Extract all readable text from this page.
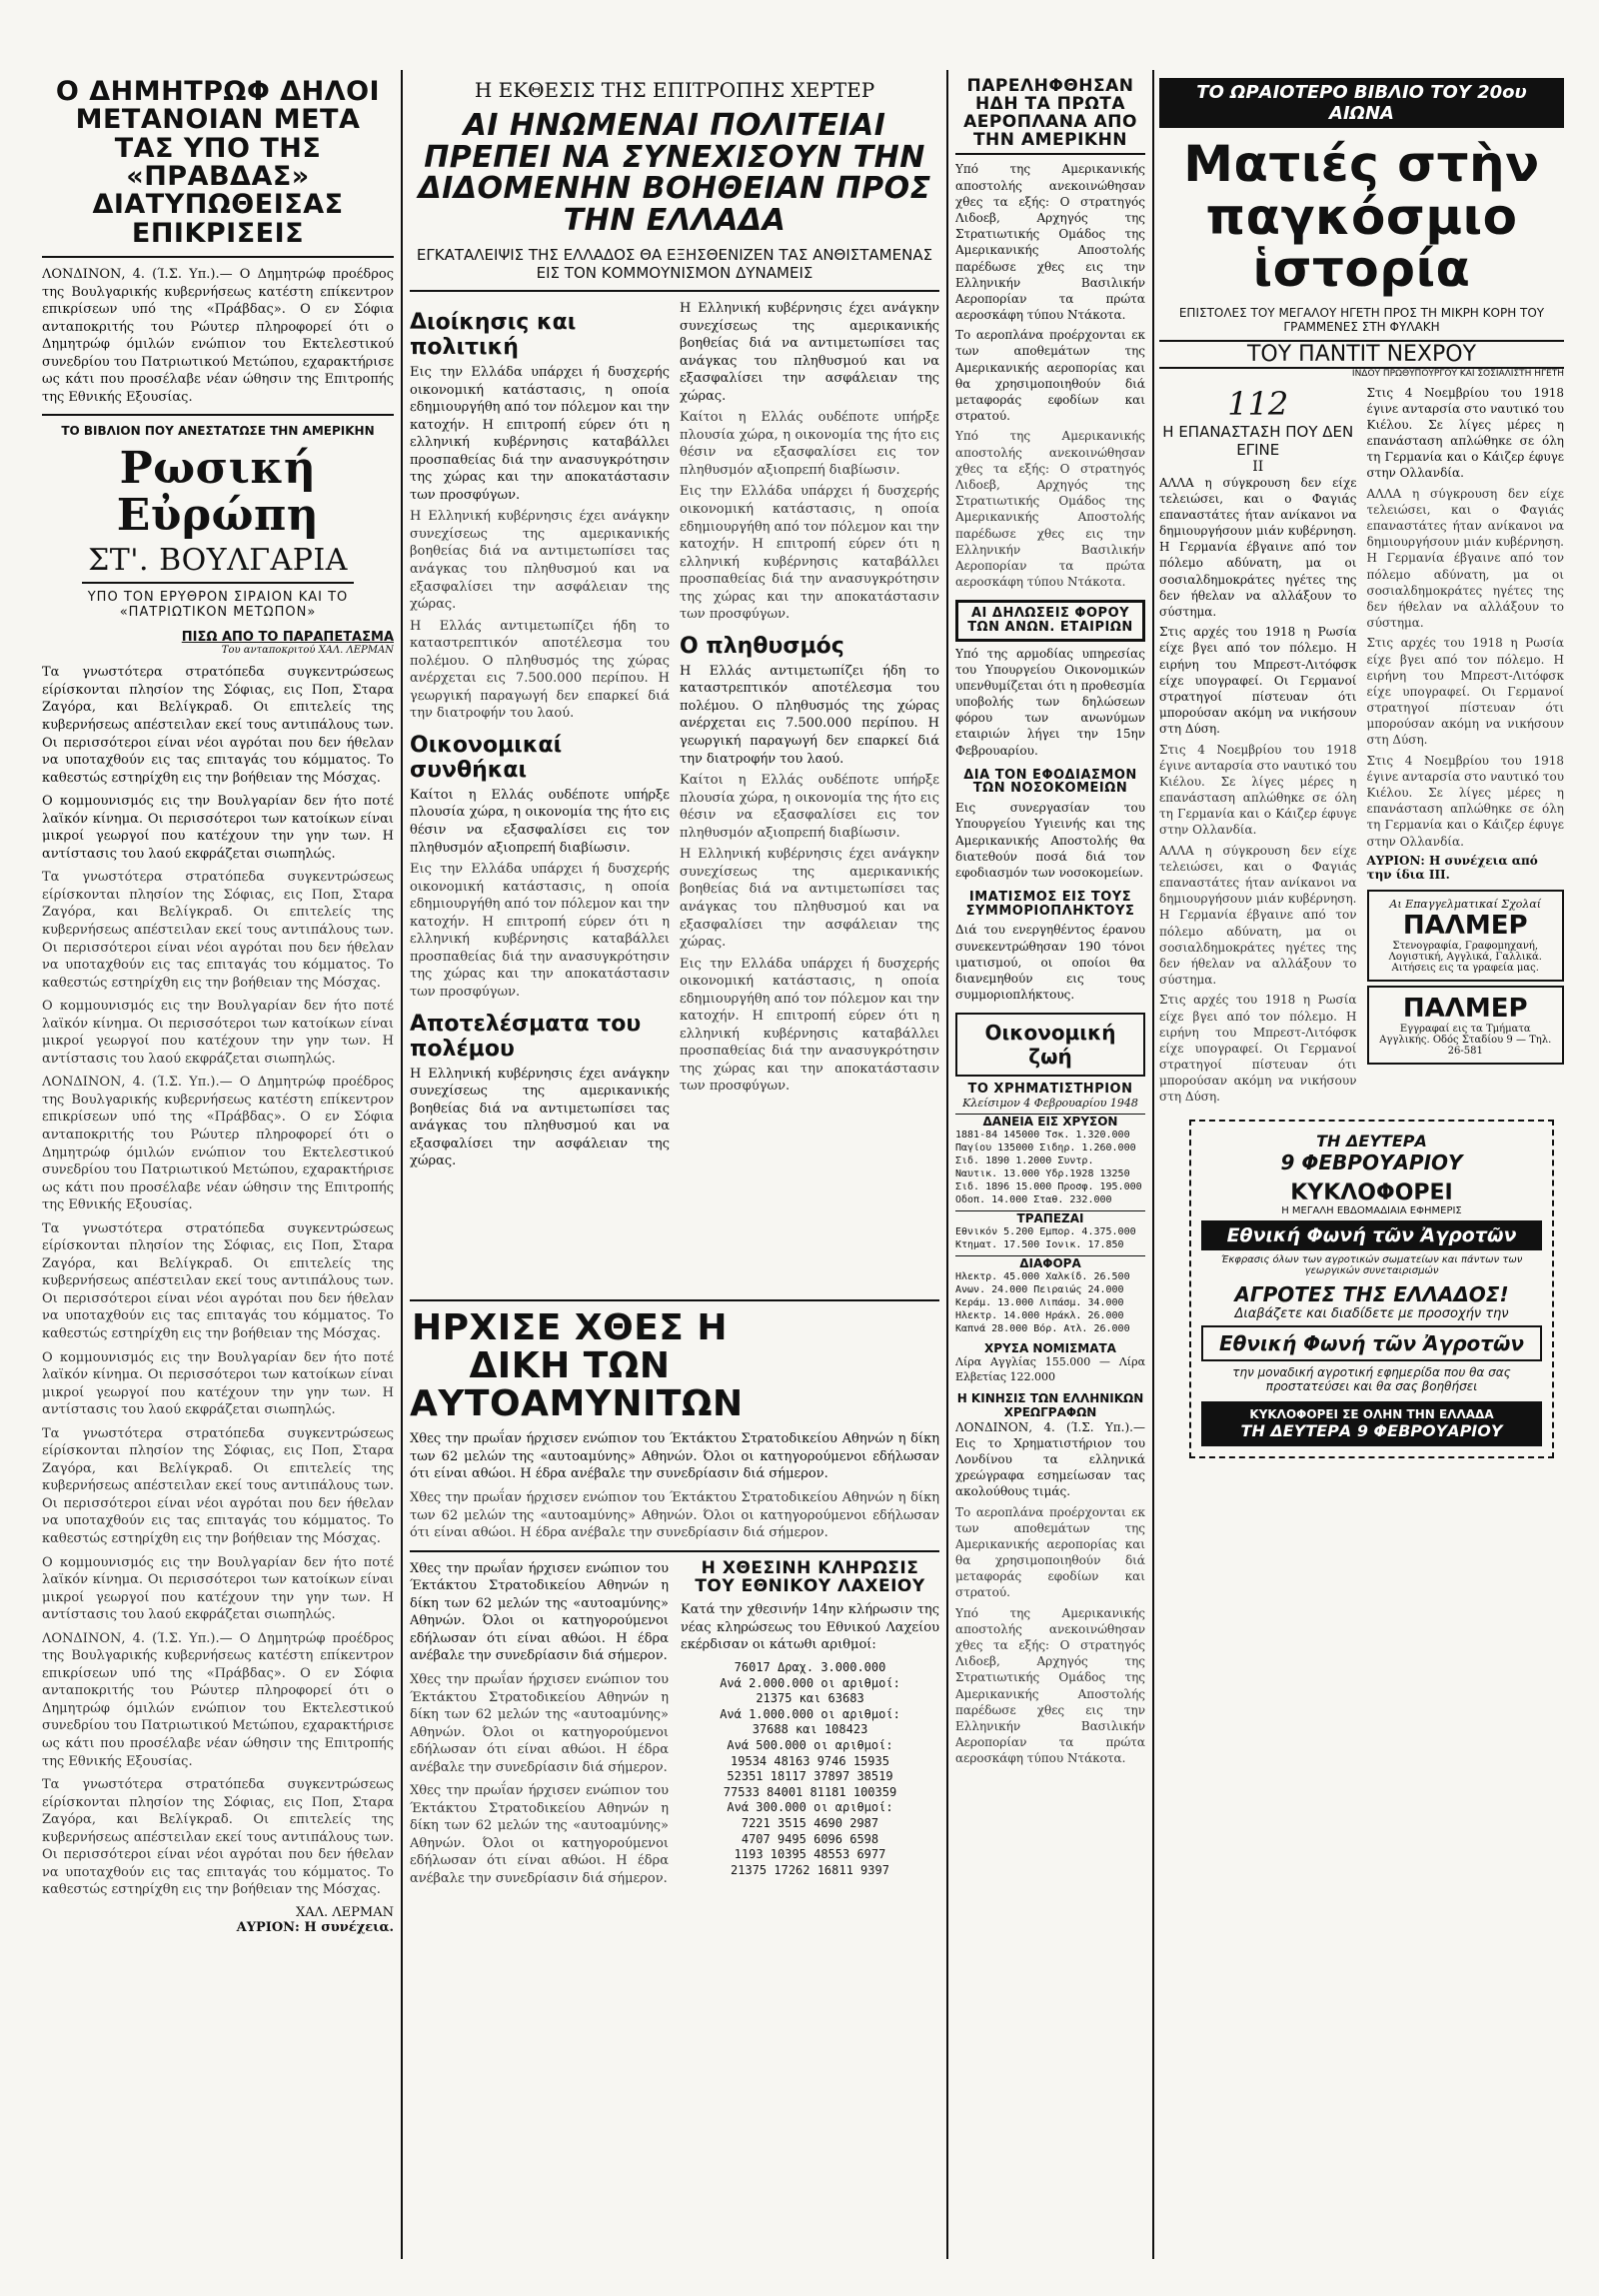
Ο ΔΗΜΗΤΡΩΦ ΔΗΛΟΙ ΜΕΤΑΝΟΙΑΝ ΜΕΤΑ ΤΑΣ ΥΠΟ ΤΗΣ «ΠΡΑΒΔΑΣ» ΔΙΑΤΥΠΩΘΕΙΣΑΣ ΕΠΙΚΡΙΣΕΙΣ
ΛΟΝΔΙΝΟΝ, 4. (Ί.Σ. Υπ.).— Ο Δημητρώφ προέδρος της Βουλγαρικής κυβερνήσεως κατέστη επίκεντρον επικρίσεων υπό της «Πράβδας». Ο εν Σόφια ανταποκριτής του Ρώυτερ πληροφορεί ότι ο Δημητρώφ όμιλών ενώπιον του Εκτελεστικού συνεδρίου του Πατριωτικού Μετώπου, εχαρακτήρισε ως κάτι που προσέλαβε νέαν ώθησιν της Επιτροπής της Εθνικής Εξουσίας.
ΤΟ ΒΙΒΛΙΟΝ ΠΟΥ ΑΝΕΣΤΑΤΩΣΕ ΤΗΝ ΑΜΕΡΙΚΗΝ
Ρωσική Εὐρώπη
ΣΤ'. ΒΟΥΛΓΑΡΙΑ
ΥΠΟ ΤΟΝ ΕΡΥΘΡΟΝ ΣΙΡΑΙΟΝ ΚΑΙ ΤΟ «ΠΑΤΡΙΩΤΙΚΟΝ ΜΕΤΩΠΟΝ»
ΠΙΣΩ ΑΠΟ ΤΟ ΠΑΡΑΠΕΤΑΣΜΑ
Του ανταποκριτού ΧΑΛ. ΛΕΡΜΑΝ
Τα γνωστότερα στρατόπεδα συγκεντρώσεως είρίσκονται πλησίον της Σόφιας, εις Ποπ, Σταρα Ζαγόρα, και Βελίγκραδ. Οι επιτελείς της κυβερνήσεως απέστειλαν εκεί τους αντιπάλους των. Οι περισσότεροι είναι νέοι αγρόται που δεν ήθελαν να υποταχθούν εις τας επιταγάς του κόμματος. Το καθεστώς εστηρίχθη εις την βοήθειαν της Μόσχας.
Ο κομμουνισμός εις την Βουλγαρίαν δεν ήτο ποτέ λαϊκόν κίνημα. Οι περισσότεροι των κατοίκων είναι μικροί γεωργοί που κατέχουν την γην των. Η αντίστασις του λαού εκφράζεται σιωπηλώς.
Τα γνωστότερα στρατόπεδα συγκεντρώσεως είρίσκονται πλησίον της Σόφιας, εις Ποπ, Σταρα Ζαγόρα, και Βελίγκραδ. Οι επιτελείς της κυβερνήσεως απέστειλαν εκεί τους αντιπάλους των. Οι περισσότεροι είναι νέοι αγρόται που δεν ήθελαν να υποταχθούν εις τας επιταγάς του κόμματος. Το καθεστώς εστηρίχθη εις την βοήθειαν της Μόσχας.
Ο κομμουνισμός εις την Βουλγαρίαν δεν ήτο ποτέ λαϊκόν κίνημα. Οι περισσότεροι των κατοίκων είναι μικροί γεωργοί που κατέχουν την γην των. Η αντίστασις του λαού εκφράζεται σιωπηλώς.
ΛΟΝΔΙΝΟΝ, 4. (Ί.Σ. Υπ.).— Ο Δημητρώφ προέδρος της Βουλγαρικής κυβερνήσεως κατέστη επίκεντρον επικρίσεων υπό της «Πράβδας». Ο εν Σόφια ανταποκριτής του Ρώυτερ πληροφορεί ότι ο Δημητρώφ όμιλών ενώπιον του Εκτελεστικού συνεδρίου του Πατριωτικού Μετώπου, εχαρακτήρισε ως κάτι που προσέλαβε νέαν ώθησιν της Επιτροπής της Εθνικής Εξουσίας.
Τα γνωστότερα στρατόπεδα συγκεντρώσεως είρίσκονται πλησίον της Σόφιας, εις Ποπ, Σταρα Ζαγόρα, και Βελίγκραδ. Οι επιτελείς της κυβερνήσεως απέστειλαν εκεί τους αντιπάλους των. Οι περισσότεροι είναι νέοι αγρόται που δεν ήθελαν να υποταχθούν εις τας επιταγάς του κόμματος. Το καθεστώς εστηρίχθη εις την βοήθειαν της Μόσχας.
Ο κομμουνισμός εις την Βουλγαρίαν δεν ήτο ποτέ λαϊκόν κίνημα. Οι περισσότεροι των κατοίκων είναι μικροί γεωργοί που κατέχουν την γην των. Η αντίστασις του λαού εκφράζεται σιωπηλώς.
Τα γνωστότερα στρατόπεδα συγκεντρώσεως είρίσκονται πλησίον της Σόφιας, εις Ποπ, Σταρα Ζαγόρα, και Βελίγκραδ. Οι επιτελείς της κυβερνήσεως απέστειλαν εκεί τους αντιπάλους των. Οι περισσότεροι είναι νέοι αγρόται που δεν ήθελαν να υποταχθούν εις τας επιταγάς του κόμματος. Το καθεστώς εστηρίχθη εις την βοήθειαν της Μόσχας.
Ο κομμουνισμός εις την Βουλγαρίαν δεν ήτο ποτέ λαϊκόν κίνημα. Οι περισσότεροι των κατοίκων είναι μικροί γεωργοί που κατέχουν την γην των. Η αντίστασις του λαού εκφράζεται σιωπηλώς.
ΛΟΝΔΙΝΟΝ, 4. (Ί.Σ. Υπ.).— Ο Δημητρώφ προέδρος της Βουλγαρικής κυβερνήσεως κατέστη επίκεντρον επικρίσεων υπό της «Πράβδας». Ο εν Σόφια ανταποκριτής του Ρώυτερ πληροφορεί ότι ο Δημητρώφ όμιλών ενώπιον του Εκτελεστικού συνεδρίου του Πατριωτικού Μετώπου, εχαρακτήρισε ως κάτι που προσέλαβε νέαν ώθησιν της Επιτροπής της Εθνικής Εξουσίας.
Τα γνωστότερα στρατόπεδα συγκεντρώσεως είρίσκονται πλησίον της Σόφιας, εις Ποπ, Σταρα Ζαγόρα, και Βελίγκραδ. Οι επιτελείς της κυβερνήσεως απέστειλαν εκεί τους αντιπάλους των. Οι περισσότεροι είναι νέοι αγρόται που δεν ήθελαν να υποταχθούν εις τας επιταγάς του κόμματος. Το καθεστώς εστηρίχθη εις την βοήθειαν της Μόσχας.
ΧΑΛ. ΛΕΡΜΑΝ
ΑΥΡΙΟΝ: Η συνέχεια.
Η ΕΚΘΕΣΙΣ ΤΗΣ ΕΠΙΤΡΟΠΗΣ ΧΕΡΤΕΡ
ΑΙ ΗΝΩΜΕΝΑΙ ΠΟΛΙΤΕΙΑΙ ΠΡΕΠΕΙ ΝΑ ΣΥΝΕΧΙΣΟΥΝ ΤΗΝ ΔΙΔΟΜΕΝΗΝ ΒΟΗΘΕΙΑΝ ΠΡΟΣ ΤΗΝ ΕΛΛΑΔΑ
ΕΓΚΑΤΑΛΕΙΨΙΣ ΤΗΣ ΕΛΛΑΔΟΣ ΘΑ ΕΞΗΣΘΕΝΙΖΕΝ ΤΑΣ ΑΝΘΙΣΤΑΜΕΝΑΣ ΕΙΣ ΤΟΝ ΚΟΜΜΟΥΝΙΣΜΟΝ ΔΥΝΑΜΕΙΣ
Διοίκησις και πολιτική
Εις την Ελλάδα υπάρχει ή δυσχερής οικονομική κατάστασις, η οποία εδημιουργήθη από τον πόλεμον και την κατοχήν. Η επιτροπή εύρεν ότι η ελληνική κυβέρνησις καταβάλλει προσπαθείας διά την ανασυγκρότησιν της χώρας και την αποκατάστασιν των προσφύγων.
Η Ελληνική κυβέρνησις έχει ανάγκην συνεχίσεως της αμερικανικής βοηθείας διά να αντιμετωπίσει τας ανάγκας του πληθυσμού και να εξασφαλίσει την ασφάλειαν της χώρας.
Η Ελλάς αντιμετωπίζει ήδη το καταστρεπτικόν αποτέλεσμα του πολέμου. Ο πληθυσμός της χώρας ανέρχεται εις 7.500.000 περίπου. Η γεωργική παραγωγή δεν επαρκεί διά την διατροφήν του λαού.
Οικονομικαί συνθήκαι
Καίτοι η Ελλάς ουδέποτε υπήρξε πλουσία χώρα, η οικονομία της ήτο εις θέσιν να εξασφαλίσει εις τον πληθυσμόν αξιοπρεπή διαβίωσιν.
Εις την Ελλάδα υπάρχει ή δυσχερής οικονομική κατάστασις, η οποία εδημιουργήθη από τον πόλεμον και την κατοχήν. Η επιτροπή εύρεν ότι η ελληνική κυβέρνησις καταβάλλει προσπαθείας διά την ανασυγκρότησιν της χώρας και την αποκατάστασιν των προσφύγων.
Αποτελέσματα του πολέμου
Η Ελληνική κυβέρνησις έχει ανάγκην συνεχίσεως της αμερικανικής βοηθείας διά να αντιμετωπίσει τας ανάγκας του πληθυσμού και να εξασφαλίσει την ασφάλειαν της χώρας.
Η Ελληνική κυβέρνησις έχει ανάγκην συνεχίσεως της αμερικανικής βοηθείας διά να αντιμετωπίσει τας ανάγκας του πληθυσμού και να εξασφαλίσει την ασφάλειαν της χώρας.
Καίτοι η Ελλάς ουδέποτε υπήρξε πλουσία χώρα, η οικονομία της ήτο εις θέσιν να εξασφαλίσει εις τον πληθυσμόν αξιοπρεπή διαβίωσιν.
Εις την Ελλάδα υπάρχει ή δυσχερής οικονομική κατάστασις, η οποία εδημιουργήθη από τον πόλεμον και την κατοχήν. Η επιτροπή εύρεν ότι η ελληνική κυβέρνησις καταβάλλει προσπαθείας διά την ανασυγκρότησιν της χώρας και την αποκατάστασιν των προσφύγων.
Ο πληθυσμός
Η Ελλάς αντιμετωπίζει ήδη το καταστρεπτικόν αποτέλεσμα του πολέμου. Ο πληθυσμός της χώρας ανέρχεται εις 7.500.000 περίπου. Η γεωργική παραγωγή δεν επαρκεί διά την διατροφήν του λαού.
Καίτοι η Ελλάς ουδέποτε υπήρξε πλουσία χώρα, η οικονομία της ήτο εις θέσιν να εξασφαλίσει εις τον πληθυσμόν αξιοπρεπή διαβίωσιν.
Η Ελληνική κυβέρνησις έχει ανάγκην συνεχίσεως της αμερικανικής βοηθείας διά να αντιμετωπίσει τας ανάγκας του πληθυσμού και να εξασφαλίσει την ασφάλειαν της χώρας.
Εις την Ελλάδα υπάρχει ή δυσχερής οικονομική κατάστασις, η οποία εδημιουργήθη από τον πόλεμον και την κατοχήν. Η επιτροπή εύρεν ότι η ελληνική κυβέρνησις καταβάλλει προσπαθείας διά την ανασυγκρότησιν της χώρας και την αποκατάστασιν των προσφύγων.
ΗΡΧΙΣΕ ΧΘΕΣ Η ΔΙΚΗ ΤΩΝ ΑΥΤΟΑΜΥΝΙΤΩΝ
Χθες την πρωΐαν ήρχισεν ενώπιον του Έκτάκτου Στρατοδικείου Αθηνών η δίκη των 62 μελών της «αυτοαμύνης» Αθηνών. Όλοι οι κατηγορούμενοι εδήλωσαν ότι είναι αθώοι. Η έδρα ανέβαλε την συνεδρίασιν διά σήμερον.
Χθες την πρωΐαν ήρχισεν ενώπιον του Έκτάκτου Στρατοδικείου Αθηνών η δίκη των 62 μελών της «αυτοαμύνης» Αθηνών. Όλοι οι κατηγορούμενοι εδήλωσαν ότι είναι αθώοι. Η έδρα ανέβαλε την συνεδρίασιν διά σήμερον.
Χθες την πρωΐαν ήρχισεν ενώπιον του Έκτάκτου Στρατοδικείου Αθηνών η δίκη των 62 μελών της «αυτοαμύνης» Αθηνών. Όλοι οι κατηγορούμενοι εδήλωσαν ότι είναι αθώοι. Η έδρα ανέβαλε την συνεδρίασιν διά σήμερον.
Χθες την πρωΐαν ήρχισεν ενώπιον του Έκτάκτου Στρατοδικείου Αθηνών η δίκη των 62 μελών της «αυτοαμύνης» Αθηνών. Όλοι οι κατηγορούμενοι εδήλωσαν ότι είναι αθώοι. Η έδρα ανέβαλε την συνεδρίασιν διά σήμερον.
Χθες την πρωΐαν ήρχισεν ενώπιον του Έκτάκτου Στρατοδικείου Αθηνών η δίκη των 62 μελών της «αυτοαμύνης» Αθηνών. Όλοι οι κατηγορούμενοι εδήλωσαν ότι είναι αθώοι. Η έδρα ανέβαλε την συνεδρίασιν διά σήμερον.
Η ΧΘΕΣΙΝΗ ΚΛΗΡΩΣΙΣ ΤΟΥ ΕΘΝΙΚΟΥ ΛΑΧΕΙΟΥ
Κατά την χθεσινήν 14ην κλήρωσιν της νέας κληρώσεως του Εθνικού Λαχείου εκέρδισαν οι κάτωθι αριθμοί:
76017 Δραχ. 3.000.000
Ανά 2.000.000 οι αριθμοί:
21375 και 63683
Ανά 1.000.000 οι αριθμοί:
37688 και 108423
Ανά 500.000 οι αριθμοί:
19534 48163 9746 15935
52351 18117 37897 38519
77533 84001 81181 100359
Ανά 300.000 οι αριθμοί:
7221 3515 4690 2987
4707 9495 6096 6598
1193 10395 48553 6977
21375 17262 16811 9397
ΠΑΡΕΛΗΦΘΗΣΑΝ ΗΔΗ ΤΑ ΠΡΩΤΑ ΑΕΡΟΠΛΑΝΑ ΑΠΟ ΤΗΝ ΑΜΕΡΙΚΗΝ
Υπό της Αμερικανικής αποστολής ανεκοινώθησαν χθες τα εξής: Ο στρατηγός Λιδοεβ, Αρχηγός της Στρατιωτικής Ομάδος της Αμερικανικής Αποστολής παρέδωσε χθες εις την Ελληνικήν Βασιλικήν Αεροπορίαν τα πρώτα αεροσκάφη τύπου Ντάκοτα.
Το αεροπλάνα προέρχονται εκ των αποθεμάτων της Αμερικανικής αεροπορίας και θα χρησιμοποιηθούν διά μεταφοράς εφοδίων και στρατού.
Υπό της Αμερικανικής αποστολής ανεκοινώθησαν χθες τα εξής: Ο στρατηγός Λιδοεβ, Αρχηγός της Στρατιωτικής Ομάδος της Αμερικανικής Αποστολής παρέδωσε χθες εις την Ελληνικήν Βασιλικήν Αεροπορίαν τα πρώτα αεροσκάφη τύπου Ντάκοτα.
ΑΙ ΔΗΛΩΣΕΙΣ ΦΟΡΟΥ ΤΩΝ ΑΝΩΝ. ΕΤΑΙΡΙΩΝ
Υπό της αρμοδίας υπηρεσίας του Υπουργείου Οικονομικών υπενθυμίζεται ότι η προθεσμία υποβολής των δηλώσεων φόρου των ανωνύμων εταιριών λήγει την 15ην Φεβρουαρίου.
ΔΙΑ ΤΟΝ ΕΦΟΔΙΑΣΜΟΝ ΤΩΝ ΝΟΣΟΚΟΜΕΙΩΝ
Εις συνεργασίαν του Υπουργείου Υγιεινής και της Αμερικανικής Αποστολής θα διατεθούν ποσά διά τον εφοδιασμόν των νοσοκομείων.
ΙΜΑΤΙΣΜΟΣ ΕΙΣ ΤΟΥΣ ΣΥΜΜΟΡΙΟΠΛΗΚΤΟΥΣ
Διά του ενεργηθέντος έρανου συνεκεντρώθησαν 190 τόνοι ιματισμού, οι οποίοι θα διανεμηθούν εις τους συμμοριοπλήκτους.
Οικονομική ζωή
ΤΟ ΧΡΗΜΑΤΙΣΤΗΡΙΟΝ
Κλείσιμον 4 Φεβρουαρίου 1948
ΔΑΝΕΙΑ ΕΙΣ ΧΡΥΣΟΝ
1881-84 145000 Τσκ. 1.320.000
Παγίου 135000 Σιδηρ. 1.260.000
Σιδ. 1890 1.2000 Συντρ.
Ναυτικ. 13.000 Υδρ.1928 13250
Σιδ. 1896 15.000 Προσφ. 195.000
Οδοπ. 14.000 Σταθ. 232.000
ΤΡΑΠΕΖΑΙ
Εθνικόν 5.200 Εμπορ. 4.375.000
Κτηματ. 17.500 Ιονικ. 17.850
ΔΙΑΦΟΡΑ
Ηλεκτρ. 45.000 Χαλκίδ. 26.500
Ανων. 24.000 Πειραιώς 24.000
Κεράμ. 13.000 Λιπάσμ. 34.000
Ηλεκτρ. 14.000 Ηράκλ. 26.000
Καπνά 28.000 Βόρ. Ατλ. 26.000
ΧΡΥΣΑ ΝΟΜΙΣΜΑΤΑ
Λίρα Αγγλίας 155.000 — Λίρα Ελβετίας 122.000
Η ΚΙΝΗΣΙΣ ΤΩΝ ΕΛΛΗΝΙΚΩΝ ΧΡΕΩΓΡΑΦΩΝ
ΛΟΝΔΙΝΟΝ, 4. (Ί.Σ. Υπ.).— Εις το Χρηματιστήριον του Λονδίνου τα ελληνικά χρεώγραφα εσημείωσαν τας ακολούθους τιμάς.
Το αεροπλάνα προέρχονται εκ των αποθεμάτων της Αμερικανικής αεροπορίας και θα χρησιμοποιηθούν διά μεταφοράς εφοδίων και στρατού.
Υπό της Αμερικανικής αποστολής ανεκοινώθησαν χθες τα εξής: Ο στρατηγός Λιδοεβ, Αρχηγός της Στρατιωτικής Ομάδος της Αμερικανικής Αποστολής παρέδωσε χθες εις την Ελληνικήν Βασιλικήν Αεροπορίαν τα πρώτα αεροσκάφη τύπου Ντάκοτα.
ΤΟ ΩΡΑΙΟΤΕΡΟ ΒΙΒΛΙΟ ΤΟΥ 20ου ΑΙΩΝΑ
Ματιές στὴν παγκόσμιο ἱστορία
ΕΠΙΣΤΟΛΕΣ ΤΟΥ ΜΕΓΑΛΟΥ ΗΓΕΤΗ ΠΡΟΣ ΤΗ ΜΙΚΡΗ ΚΟΡΗ ΤΟΥ ΓΡΑΜΜΕΝΕΣ ΣΤΗ ΦΥΛΑΚΗ
ΤΟΥ ΠΑΝΤΙΤ ΝΕΧΡΟΥ
ΙΝΔΟΥ ΠΡΩΘΥΠΟΥΡΓΟΥ ΚΑΙ ΣΟΣΙΑΛΙΣΤΗ ΗΓΕΤΗ
112
Η ΕΠΑΝΑΣΤΑΣΗ ΠΟΥ ΔΕΝ ΕΓΙΝΕ
ΙΙ
ΑΛΛΑ η σύγκρουση δεν είχε τελειώσει, και ο Φαγιάς επαναστάτες ήταν ανίκανοι να δημιουργήσουν μιάν κυβέρνηση. Η Γερμανία έβγαινε από τον πόλεμο αδύνατη, μα οι σοσιαλδημοκράτες ηγέτες της δεν ήθελαν να αλλάξουν το σύστημα.
Στις αρχές του 1918 η Ρωσία είχε βγει από τον πόλεμο. Η ειρήνη του Μπρεστ-Λιτόφσκ είχε υπογραφεί. Οι Γερμανοί στρατηγοί πίστευαν ότι μπορούσαν ακόμη να νικήσουν στη Δύση.
Στις 4 Νοεμβρίου του 1918 έγινε ανταρσία στο ναυτικό του Κιέλου. Σε λίγες μέρες η επανάσταση απλώθηκε σε όλη τη Γερμανία και ο Κάιζερ έφυγε στην Ολλανδία.
ΑΛΛΑ η σύγκρουση δεν είχε τελειώσει, και ο Φαγιάς επαναστάτες ήταν ανίκανοι να δημιουργήσουν μιάν κυβέρνηση. Η Γερμανία έβγαινε από τον πόλεμο αδύνατη, μα οι σοσιαλδημοκράτες ηγέτες της δεν ήθελαν να αλλάξουν το σύστημα.
Στις αρχές του 1918 η Ρωσία είχε βγει από τον πόλεμο. Η ειρήνη του Μπρεστ-Λιτόφσκ είχε υπογραφεί. Οι Γερμανοί στρατηγοί πίστευαν ότι μπορούσαν ακόμη να νικήσουν στη Δύση.
Στις 4 Νοεμβρίου του 1918 έγινε ανταρσία στο ναυτικό του Κιέλου. Σε λίγες μέρες η επανάσταση απλώθηκε σε όλη τη Γερμανία και ο Κάιζερ έφυγε στην Ολλανδία.
ΑΛΛΑ η σύγκρουση δεν είχε τελειώσει, και ο Φαγιάς επαναστάτες ήταν ανίκανοι να δημιουργήσουν μιάν κυβέρνηση. Η Γερμανία έβγαινε από τον πόλεμο αδύνατη, μα οι σοσιαλδημοκράτες ηγέτες της δεν ήθελαν να αλλάξουν το σύστημα.
Στις αρχές του 1918 η Ρωσία είχε βγει από τον πόλεμο. Η ειρήνη του Μπρεστ-Λιτόφσκ είχε υπογραφεί. Οι Γερμανοί στρατηγοί πίστευαν ότι μπορούσαν ακόμη να νικήσουν στη Δύση.
Στις 4 Νοεμβρίου του 1918 έγινε ανταρσία στο ναυτικό του Κιέλου. Σε λίγες μέρες η επανάσταση απλώθηκε σε όλη τη Γερμανία και ο Κάιζερ έφυγε στην Ολλανδία.
ΑΥΡΙΟΝ: Η συνέχεια από την ίδια ΙΙΙ.
Αι Επαγγελματικαί Σχολαί
ΠΑΛΜΕΡ
Στενογραφία, Γραφομηχανή, Λογιστική, Αγγλικά, Γαλλικά. Αιτήσεις εις τα γραφεία μας.
ΠΑΛΜΕΡ
Εγγραφαί εις τα Τμήματα Αγγλικής. Οδός Σταδίου 9 — Τηλ. 26-581
ΤΗ ΔΕΥΤΕΡΑ
9 ΦΕΒΡΟΥΑΡΙΟΥ
ΚΥΚΛΟΦΟΡΕΙ
Η ΜΕΓΑΛΗ ΕΒΔΟΜΑΔΙΑΙΑ ΕΦΗΜΕΡΙΣ
Εθνική Φωνή τῶν Ἀγροτῶν
Έκφρασις όλων των αγροτικών σωματείων και πάντων των γεωργικών συνεταιρισμών
ΑΓΡΟΤΕΣ ΤΗΣ ΕΛΛΑΔΟΣ!
Διαβάζετε και διαδίδετε με προσοχήν την
Εθνική Φωνή τῶν Ἀγροτῶν
την μοναδική αγροτική εφημερίδα που θα σας προστατεύσει και θα σας βοηθήσει
ΚΥΚΛΟΦΟΡΕΙ ΣΕ ΟΛΗΝ ΤΗΝ ΕΛΛΑΔΑ
ΤΗ ΔΕΥΤΕΡΑ 9 ΦΕΒΡΟΥΑΡΙΟΥ
